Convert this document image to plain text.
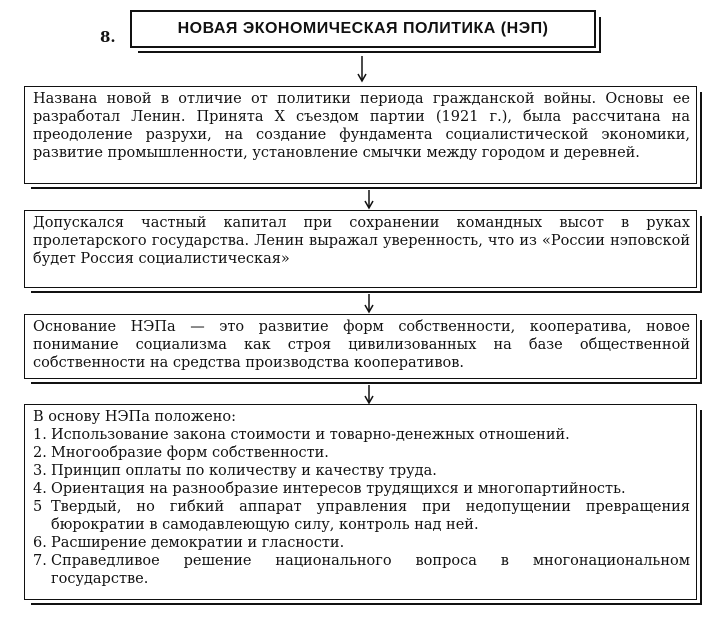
8.	НОВАЯ ЭКОНОМИЧЕСКАЯ ПОЛИТИКА (НЭП)
Названа новой в отличие от политики периода гражданской войны. Основы ее разработал Ленин. Принята X съездом партии (1921 г.), была рассчитана на преодоление разрухи, на создание фундамента социалистической экономики, развитие промышленности, установление смычки между городом и деревней.
Допускался частный капитал при сохранении командных высот в руках пролетарского государства. Ленин выражал уверенность, что из «России нэповской будет Россия социалистическая»
Основание НЭПа — это развитие форм собственности, кооператива, новое понимание социализма как строя цивилизованных на базе общественной собственности на средства производства кооперативов.
В основу НЭПа положено:
1. Использование закона стоимости и товарно-денежных отношений.
2. Многообразие форм собственности.
3. Принцип оплаты по количеству и качеству труда.
4. Ориентация на разнообразие интересов трудящихся и многопартийность.
5 Твердый, но гибкий аппарат управления при недопущении превращения бюрократии в самодавлеющую силу, контроль над ней.
6. Расширение демократии и гласности.
7. Справедливое решение национального вопроса в многонациональном государстве.
